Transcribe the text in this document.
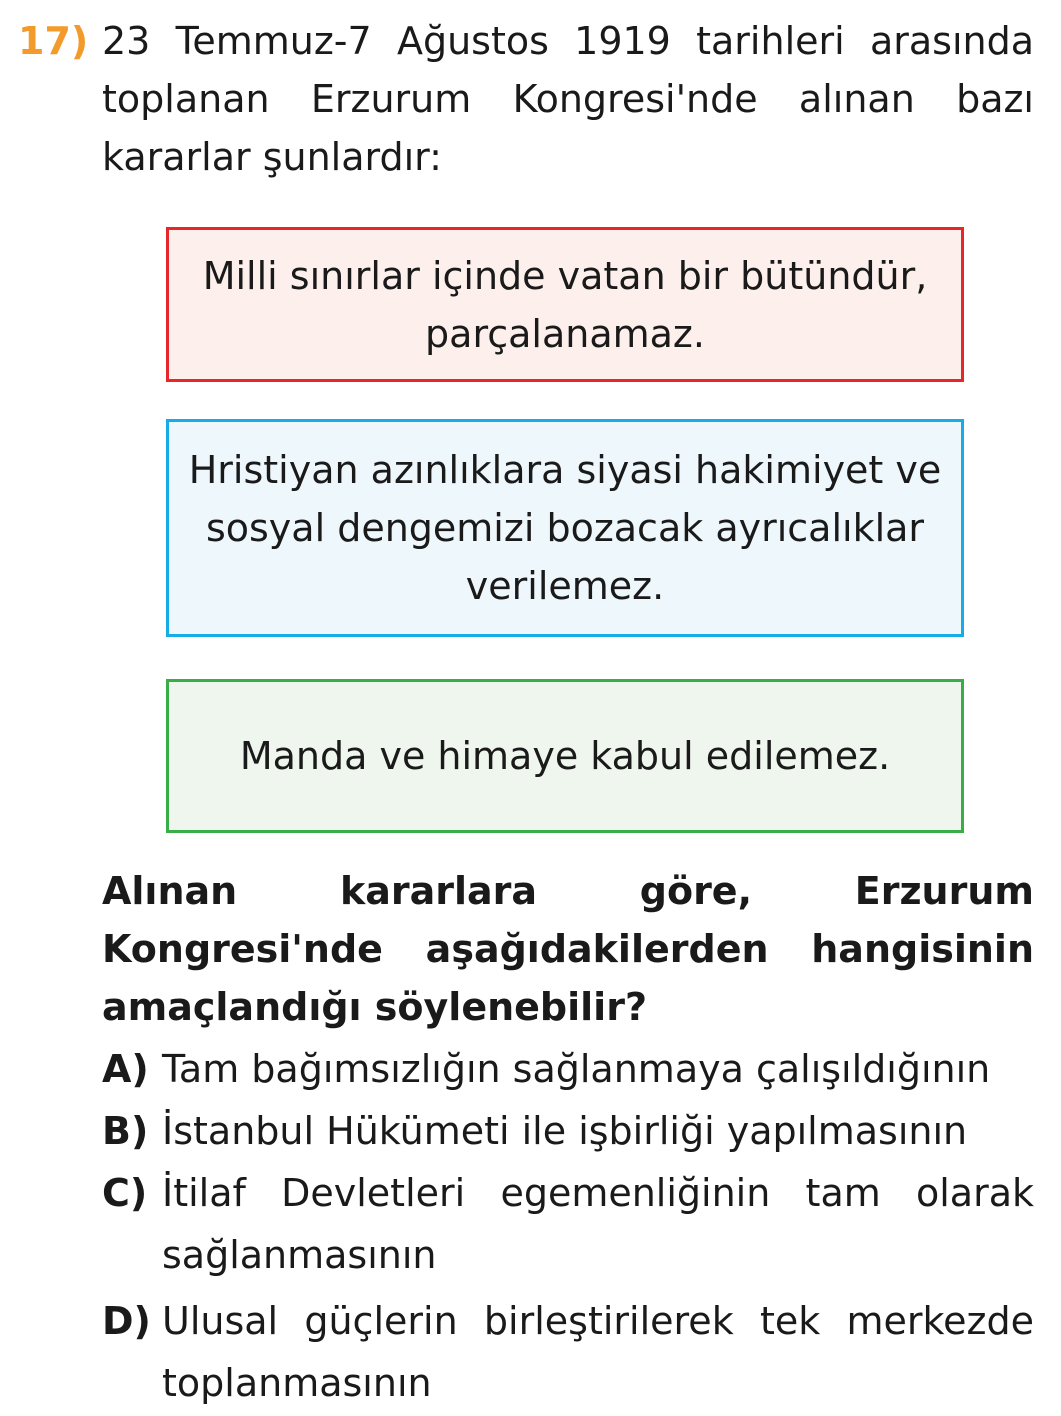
17) 23 Temmuz-7 Ağustos 1919 tarihleri arasında toplanan Erzurum Kongresi'nde alınan bazı kararlar şunlardır:
Milli sınırlar içinde vatan bir bütündür, parçalanamaz.
Hristiyan azınlıklara siyasi hakimiyet ve sosyal dengemizi bozacak ayrıcalıklar verilemez.
Manda ve himaye kabul edilemez.
Alınan kararlara göre, Erzurum Kongresi'nde aşağıdakilerden hangisinin amaçlandığı söylenebilir?
A) Tam bağımsızlığın sağlanmaya çalışıldığının
B) İstanbul Hükümeti ile işbirliği yapılmasının
C) İtilaf Devletleri egemenliğinin tam olarak sağlanmasının
D) Ulusal güçlerin birleştirilerek tek merkezde toplanmasının
